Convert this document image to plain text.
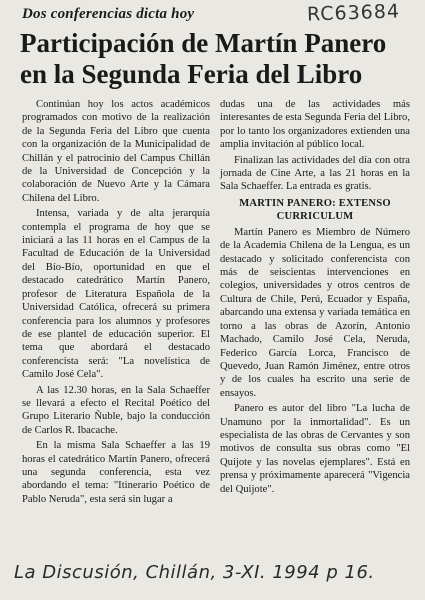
Dos conferencias dicta hoy	RC63684
Participación de Martín Panero
en la Segunda Feria del Libro

Continúan hoy los actos académicos programados con motivo de la realización de la Segunda Feria del Libro que cuenta con la organización de la Municipalidad de Chillán y el patrocinio del Campus Chillán de la Universidad de Concepción y la colaboración de Nuevo Arte y la Cámara Chilena del Libro.

Intensa, variada y de alta jerarquía contempla el programa de hoy que se iniciará a las 11 horas en el Campus de la Facultad de Educación de la Universidad del Bío-Bío, oportunidad en que el destacado catedrático Martín Panero, profesor de Literatura Española de la Universidad Católica, ofrecerá su primera conferencia para los alumnos y profesores de ese plantel de educación superior. El tema que abordará el destacado conferencista será: "La novelística de Camilo José Cela".

A las 12.30 horas, en la Sala Schaeffer se llevará a efecto el Recital Poético del Grupo Literario Ñuble, bajo la conducción de Carlos R. Ibacache.

En la misma Sala Schaeffer a las 19 horas el catedrático Martín Panero, ofrecerá una segunda conferencia, esta vez abordando el tema: "Itinerario Poético de Pablo Neruda", esta será sin lugar a

dudas una de las actividades más interesantes de esta Segunda Feria del Libro, por lo tanto los organizadores extienden una amplia invitación al público local.

Finalizan las actividades del día con otra jornada de Cine Arte, a las 21 horas en la Sala Schaeffer. La entrada es gratis.

MARTIN PANERO: EXTENSO
CURRICULUM

Martín Panero es Miembro de Número de la Academia Chilena de la Lengua, es un destacado y solicitado conferencista con más de seiscientas intervenciones en colegios, universidades y otros centros de Cultura de Chile, Perú, Ecuador y España, abarcando una extensa y variada temática en torno a las obras de Azorín, Antonio Machado, Camilo José Cela, Neruda, Federico García Lorca, Francisco de Quevedo, Juan Ramón Jiménez, entre otros y de los cuales ha escrito una serie de ensayos.

Panero es autor del libro "La lucha de Unamuno por la inmortalidad". Es un especialista de las obras de Cervantes y son motivos de consulta sus obras como "El Quijote y las novelas ejemplares". Está en prensa y próximamente aparecerá "Vigencia del Quijote".

La Discusión, Chillán, 3-XI. 1994 p 16.
